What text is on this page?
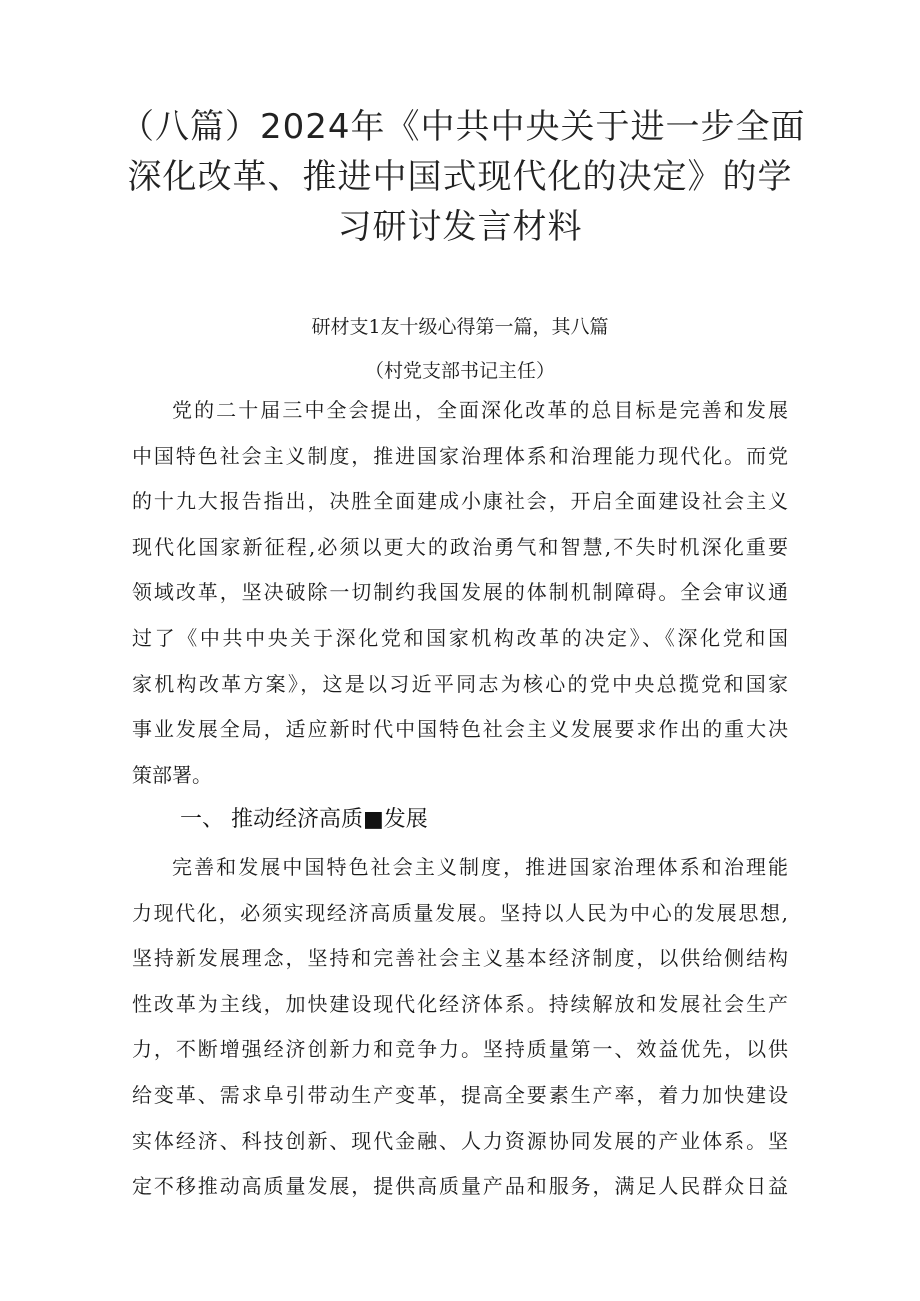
（八篇）2024年《中共中央关于进一步全面
深化改革、推进中国式现代化的决定》的学
习研讨发言材料
研材支1友十级心得第一篇，其八篇
（村党支部书记主任）
党的二十届三中全会提出，全面深化改革的总目标是完善和发展
中国特色社会主义制度，推进国家治理体系和治理能力现代化。而党
的十九大报告指出，决胜全面建成小康社会，开启全面建设社会主义
现代化国家新征程,必须以更大的政治勇气和智慧,不失时机深化重要
领域改革，坚决破除一切制约我国发展的体制机制障碍。全会审议通
过了《中共中央关于深化党和国家机构改革的决定》、《深化党和国
家机构改革方案》，这是以习近平同志为核心的党中央总揽党和国家
事业发展全局，适应新时代中国特色社会主义发展要求作出的重大决
策部署。
一、 推动经济高质■发展
完善和发展中国特色社会主义制度，推进国家治理体系和治理能
力现代化，必须实现经济高质量发展。坚持以人民为中心的发展思想,
坚持新发展理念，坚持和完善社会主义基本经济制度，以供给侧结构
性改革为主线，加快建设现代化经济体系。持续解放和发展社会生产
力，不断增强经济创新力和竞争力。坚持质量第一、效益优先，以供
给变革、需求阜引带动生产变革，提高全要素生产率，着力加快建设
实体经济、科技创新、现代金融、人力资源协同发展的产业体系。坚
定不移推动高质量发展，提供高质量产品和服务，满足人民群众日益
